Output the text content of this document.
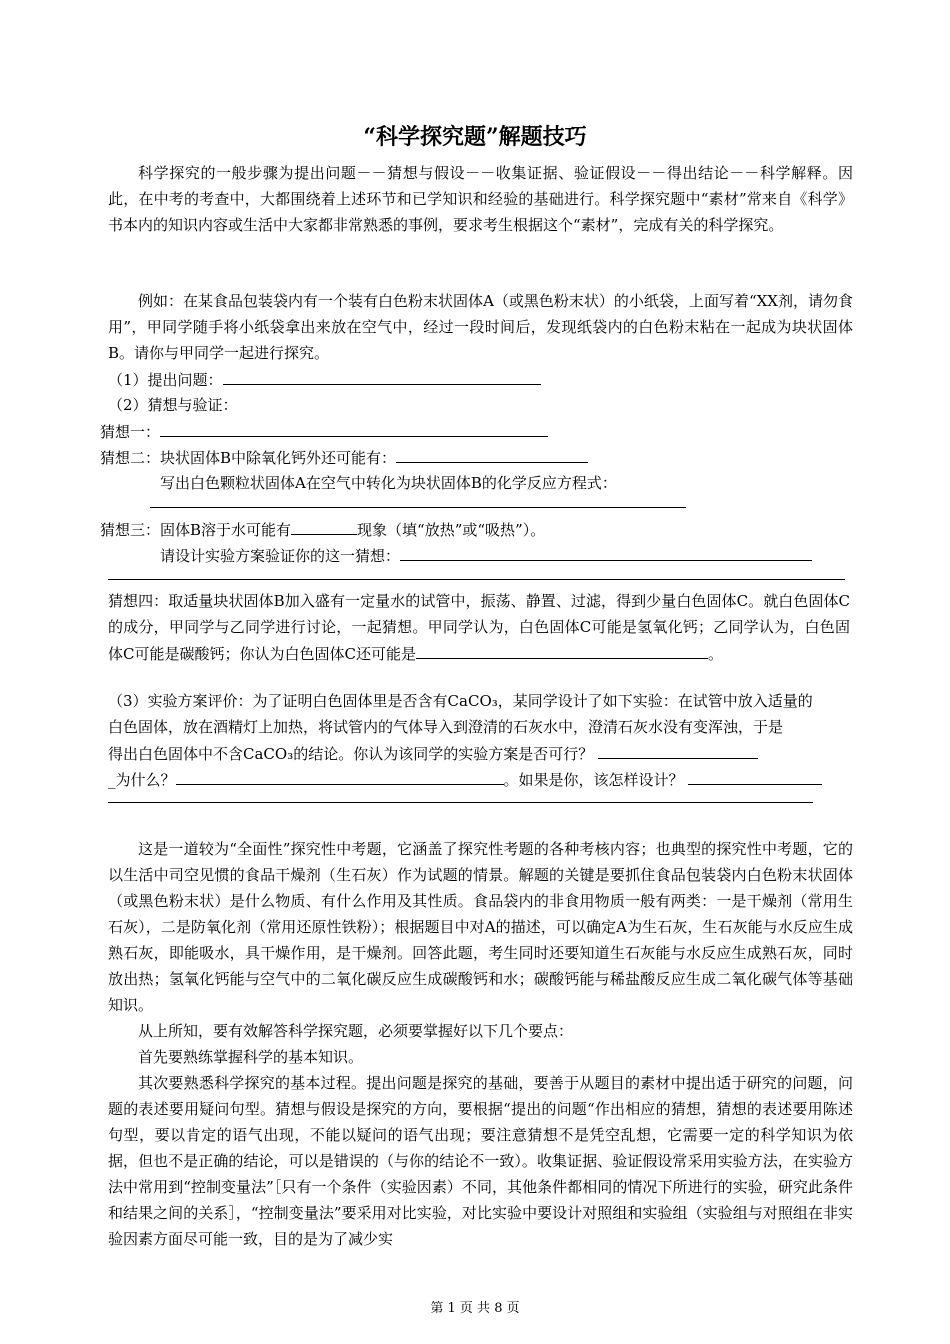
“科学探究题”解题技巧
科学探究的一般步骤为提出问题－－猜想与假设－－收集证据、验证假设－－得出结论－－科学解释。因此，在中考的考查中，大都围绕着上述环节和已学知识和经验的基础进行。科学探究题中“素材”常来自《科学》书本内的知识内容或生活中大家都非常熟悉的事例，要求考生根据这个“素材”，完成有关的科学探究。
例如：在某食品包装袋内有一个装有白色粉末状固体A（或黑色粉末状）的小纸袋，上面写着“XX剂，请勿食用”，甲同学随手将小纸袋拿出来放在空气中，经过一段时间后，发现纸袋内的白色粉末粘在一起成为块状固体B。请你与甲同学一起进行探究。
（1）提出问题：
（2）猜想与验证：
猜想一：
猜想二：块状固体B中除氧化钙外还可能有：
写出白色颗粒状固体A在空气中转化为块状固体B的化学反应方程式：
猜想三：固体B溶于水可能有	现象（填“放热”或“吸热”）。
请设计实验方案验证你的这一猜想：
猜想四：取适量块状固体B加入盛有一定量水的试管中，振荡、静置、过滤，得到少量白色固体C。就白色固体C的成分，甲同学与乙同学进行讨论，一起猜想。甲同学认为，白色固体C可能是氢氧化钙；乙同学认为，白色固体C可能是碳酸钙；你认为白色固体C还可能是	。
（3）实验方案评价：为了证明白色固体里是否含有CaCO₃，某同学设计了如下实验：在试管中放入适量的
白色固体，放在酒精灯上加热，将试管内的气体导入到澄清的石灰水中，澄清石灰水没有变浑浊，于是
得出白色固体中不含CaCO₃的结论。你认为该同学的实验方案是否可行？
_为什么？	。如果是你，该怎样设计？
这是一道较为“全面性”探究性中考题，它涵盖了探究性考题的各种考核内容；也典型的探究性中考题，它的以生活中司空见惯的食品干燥剂（生石灰）作为试题的情景。解题的关键是要抓住食品包装袋内白色粉末状固体（或黑色粉末状）是什么物质、有什么作用及其性质。食品袋内的非食用物质一般有两类：一是干燥剂（常用生石灰），二是防氧化剂（常用还原性铁粉）；根据题目中对A的描述，可以确定A为生石灰，生石灰能与水反应生成熟石灰，即能吸水，具干燥作用，是干燥剂。回答此题，考生同时还要知道生石灰能与水反应生成熟石灰，同时放出热；氢氧化钙能与空气中的二氧化碳反应生成碳酸钙和水；碳酸钙能与稀盐酸反应生成二氧化碳气体等基础知识。
从上所知，要有效解答科学探究题，必须要掌握好以下几个要点：
首先要熟练掌握科学的基本知识。
其次要熟悉科学探究的基本过程。提出问题是探究的基础，要善于从题目的素材中提出适于研究的问题，问题的表述要用疑问句型。猜想与假设是探究的方向，要根据“提出的问题“作出相应的猜想，猜想的表述要用陈述句型，要以肯定的语气出现，不能以疑问的语气出现；要注意猜想不是凭空乱想，它需要一定的科学知识为依据，但也不是正确的结论，可以是错误的（与你的结论不一致）。收集证据、验证假设常采用实验方法，在实验方法中常用到“控制变量法”［只有一个条件（实验因素）不同，其他条件都相同的情况下所进行的实验，研究此条件和结果之间的关系］，“控制变量法”要采用对比实验，对比实验中要设计对照组和实验组（实验组与对照组在非实验因素方面尽可能一致，目的是为了减少实
第 1 页 共 8 页
